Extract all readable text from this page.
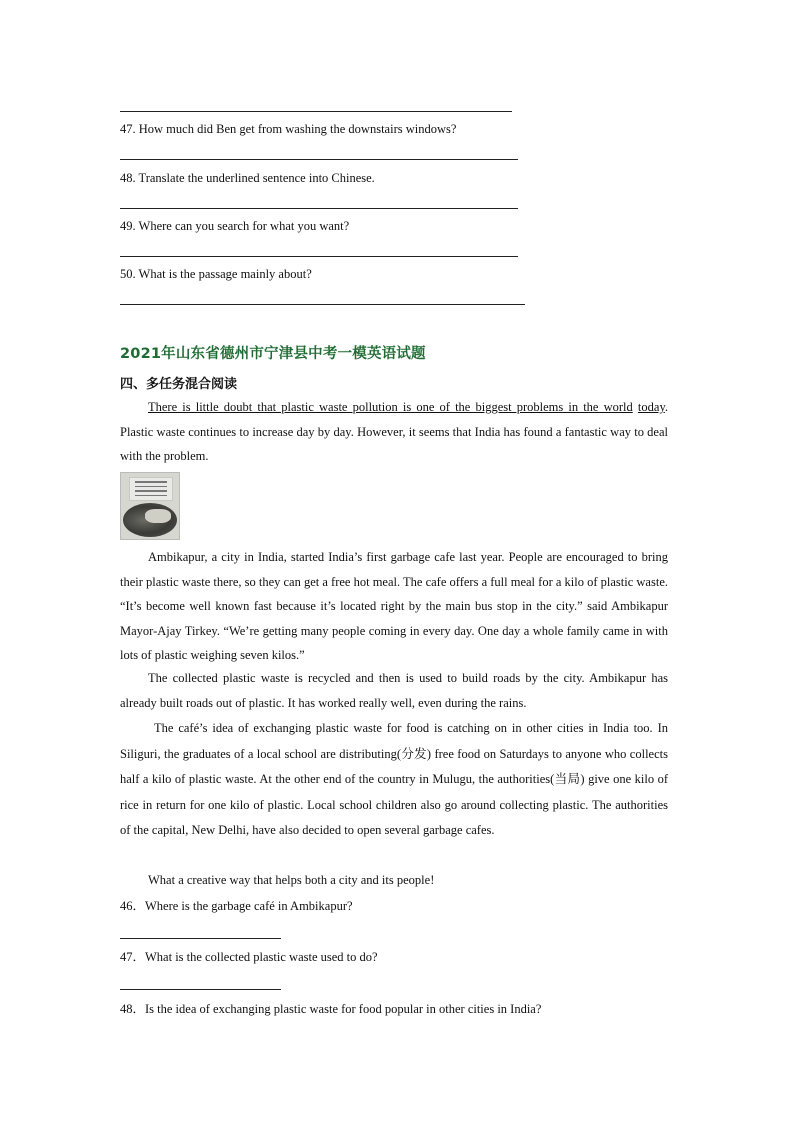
47. How much did Ben get from washing the downstairs windows?
48. Translate the underlined sentence into Chinese.
49. Where can you search for what you want?
50. What is the passage mainly about?
2021年山东省德州市宁津县中考一模英语试题
四、多任务混合阅读
There is little doubt that plastic waste pollution is one of the biggest problems in the world today. Plastic waste continues to increase day by day. However, it seems that India has found a fantastic way to deal with the problem.
Ambikapur, a city in India, started India’s first garbage cafe last year. People are encouraged to bring their plastic waste there, so they can get a free hot meal. The cafe offers a full meal for a kilo of plastic waste. “It’s become well known fast because it’s located right by the main bus stop in the city.” said Ambikapur Mayor-Ajay Tirkey. “We’re getting many people coming in every day. One day a whole family came in with lots of plastic weighing seven kilos.”
The collected plastic waste is recycled and then is used to build roads by the city. Ambikapur has already built roads out of plastic. It has worked really well, even during the rains.
The café’s idea of exchanging plastic waste for food is catching on in other cities in India too. In Siliguri, the graduates of a local school are distributing(分发) free food on Saturdays to anyone who collects half a kilo of plastic waste. At the other end of the country in Mulugu, the authorities(当局) give one kilo of rice in return for one kilo of plastic. Local school children also go around collecting plastic. The authorities of the capital, New Delhi, have also decided to open several garbage cafes.
What a creative way that helps both a city and its people!
46．Where is the garbage café in Ambikapur?
47．What is the collected plastic waste used to do?
48．Is the idea of exchanging plastic waste for food popular in other cities in India?
